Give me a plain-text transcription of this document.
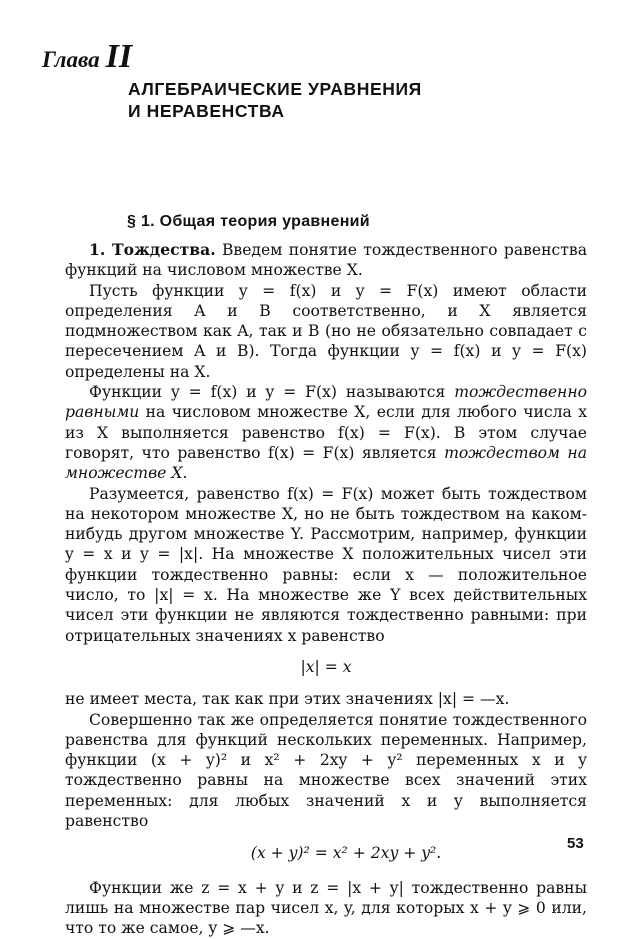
Глава II
АЛГЕБРАИЧЕСКИЕ УРАВНЕНИЯ
И НЕРАВЕНСТВА
§ 1. Общая теория уравнений

1. Тождества. Введем понятие тождественного равенства функций на числовом множестве X.

Пусть функции y = f(x) и y = F(x) имеют области определения A и B соответственно, и X является подмножеством как A, так и B (но не обязательно совпадает с пересечением A и B). Тогда функции y = f(x) и y = F(x) определены на X.

Функции y = f(x) и y = F(x) называются тождественно равными на числовом множестве X, если для любого числа x из X выполняется равенство f(x) = F(x). В этом случае говорят, что равенство f(x) = F(x) является тождеством на множестве X.

Разумеется, равенство f(x) = F(x) может быть тождеством на некотором множестве X, но не быть тождеством на каком-нибудь другом множестве Y. Рассмотрим, например, функции y = x и y = |x|. На множестве X положительных чисел эти функции тождественно равны: если x — положительное число, то |x| = x. На множестве же Y всех действительных чисел эти функции не являются тождественно равными: при отрицательных значениях x равенство

|x| = x

не имеет места, так как при этих значениях |x| = —x.

Совершенно так же определяется понятие тождественного равенства для функций нескольких переменных. Например, функции (x + y)² и x² + 2xy + y² переменных x и y тождественно равны на множестве всех значений этих переменных: для любых значений x и y выполняется равенство

(x + y)² = x² + 2xy + y².

Функции же z = x + y и z = |x + y| тождественно равны лишь на множестве пар чисел x, y, для которых x + y ⩾ 0 или, что то же самое, y ⩾ —x.

53
